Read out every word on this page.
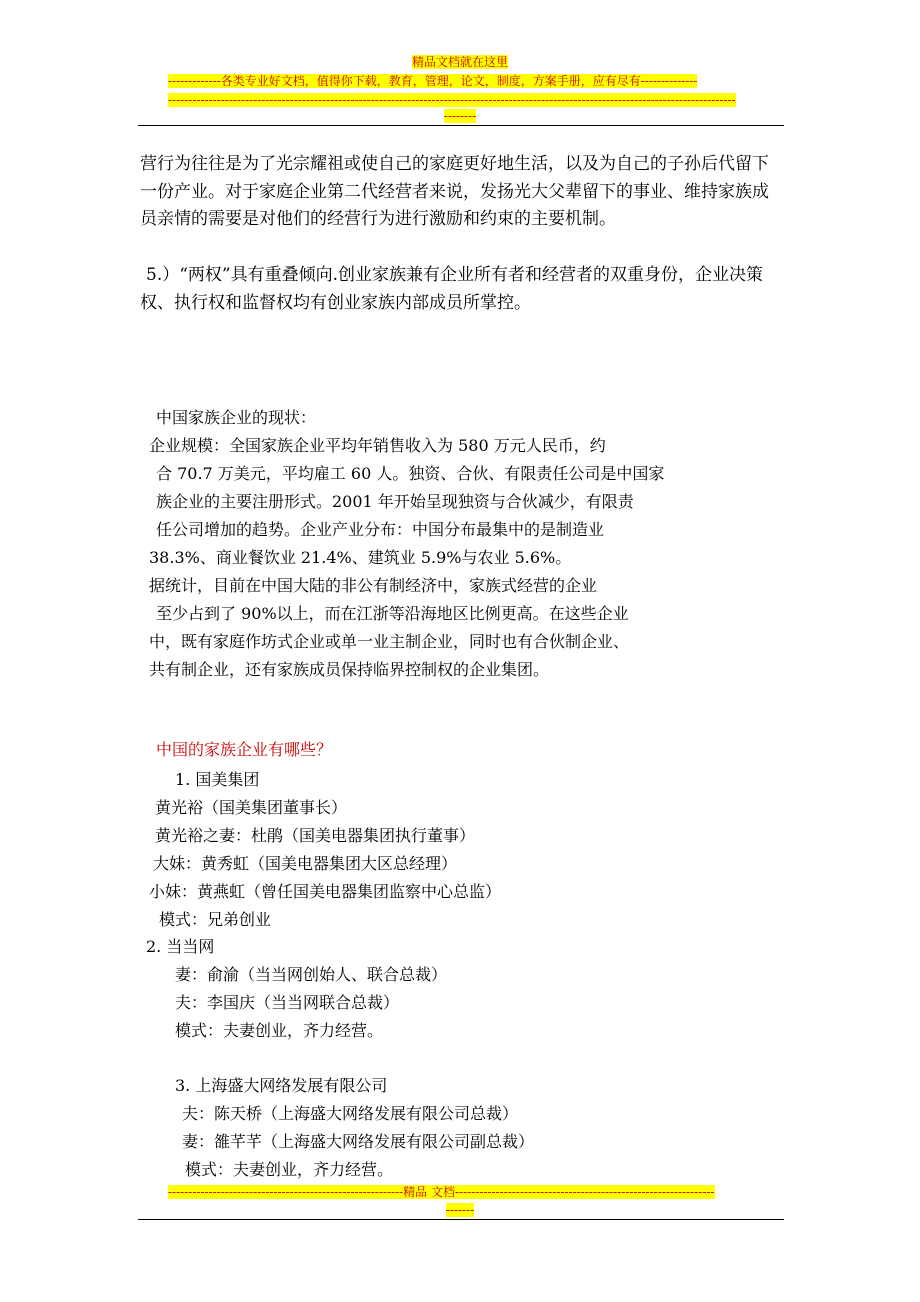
精品文档就在这里
-------------各类专业好文档，值得你下载，教育，管理，论文，制度，方案手册，应有尽有--------------
--------------------------------------------------------------------------------------------------------------------------------------------
--------

营行为往往是为了光宗耀祖或使自己的家庭更好地生活，以及为自己的子孙后代留下一份产业。对于家庭企业第二代经营者来说，发扬光大父辈留下的事业、维持家族成员亲情的需要是对他们的经营行为进行激励和约束的主要机制。

5.）“两权”具有重叠倾向.创业家族兼有企业所有者和经营者的双重身份，企业决策权、执行权和监督权均有创业家族内部成员所掌控。

中国家族企业的现状：

企业规模：全国家族企业平均年销售收入为 580 万元人民币，约

合 70.7 万美元，平均雇工 60 人。独资、合伙、有限责任公司是中国家

族企业的主要注册形式。2001 年开始呈现独资与合伙减少，有限责

任公司增加的趋势。企业产业分布：中国分布最集中的是制造业

38.3%、商业餐饮业 21.4%、建筑业 5.9%与农业 5.6%。

据统计，目前在中国大陆的非公有制经济中，家族式经营的企业

至少占到了 90%以上，而在江浙等沿海地区比例更高。在这些企业

中，既有家庭作坊式企业或单一业主制企业，同时也有合伙制企业、

共有制企业，还有家族成员保持临界控制权的企业集团。

中国的家族企业有哪些？

1. 国美集团

黄光裕（国美集团董事长）

黄光裕之妻：杜鹃（国美电器集团执行董事）

大妹：黄秀虹（国美电器集团大区总经理）

小妹：黄燕虹（曾任国美电器集团监察中心总监）

模式：兄弟创业

2. 当当网

妻：俞渝（当当网创始人、联合总裁）

夫：李国庆（当当网联合总裁）

模式：夫妻创业，齐力经营。

3. 上海盛大网络发展有限公司

夫：陈天桥（上海盛大网络发展有限公司总裁）

妻：雒芊芊（上海盛大网络发展有限公司副总裁）

模式：夫妻创业，齐力经营。

----------------------------------------------------------精品 文档----------------------------------------------------------------
-------
